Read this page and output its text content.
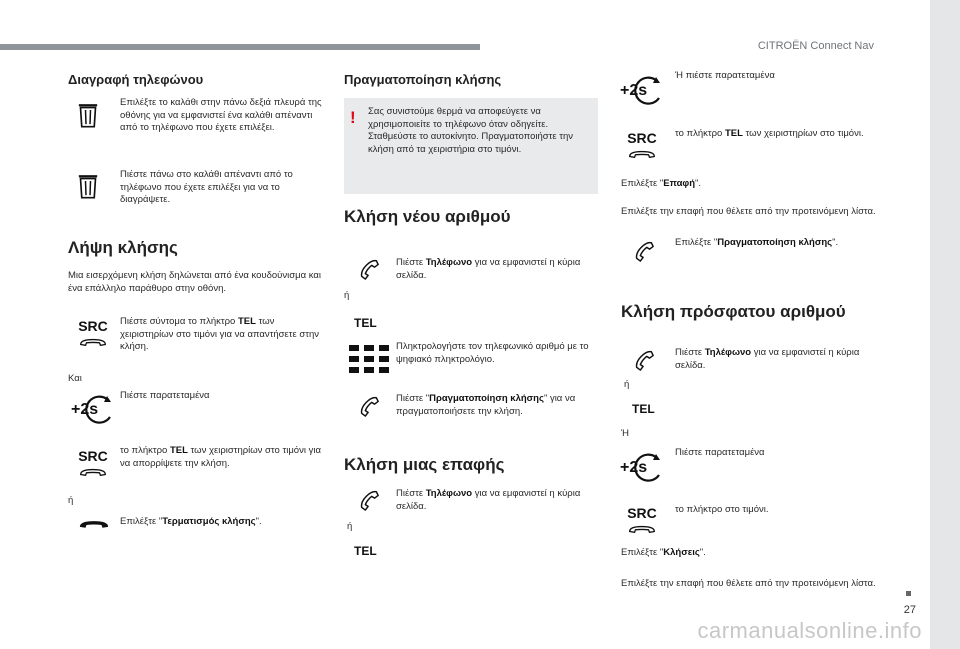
CITROËN Connect Nav
27
carmanualsonline.info
Διαγραφή τηλεφώνου
Επιλέξτε το καλάθι στην πάνω δεξιά πλευρά της οθόνης για να εμφανιστεί ένα καλάθι απέναντι από το τηλέφωνο που έχετε επιλέξει.
Πιέστε πάνω στο καλάθι απέναντι από το τηλέφωνο που έχετε επιλέξει για να το διαγράψετε.
Λήψη κλήσης
Μια εισερχόμενη κλήση δηλώνεται από ένα κουδούνισμα και ένα επάλληλο παράθυρο στην οθόνη.
SRC	Πιέστε σύντομα το πλήκτρο TEL των χειριστηρίων στο τιμόνι για να απαντήσετε στην κλήση.
Και
+2s
Πιέστε παρατεταμένα
SRC	το πλήκτρο TEL των χειριστηρίων στο τιμόνι για να απορρίψετε την κλήση.
ή
Επιλέξτε "Τερματισμός κλήσης".
Πραγματοποίηση κλήσης
! Σας συνιστούμε θερμά να αποφεύγετε να χρησιμοποιείτε το τηλέφωνο όταν οδηγείτε. Σταθμεύστε το αυτοκίνητο. Πραγματοποιήστε την κλήση από τα χειριστήρια στο τιμόνι.
Κλήση νέου αριθμού
Πιέστε Τηλέφωνο για να εμφανιστεί η κύρια σελίδα.
ή
TEL
Πληκτρολογήστε τον τηλεφωνικό αριθμό με το ψηφιακό πληκτρολόγιο.
Πιέστε "Πραγματοποίηση κλήσης" για να πραγματοποιήσετε την κλήση.
Κλήση μιας επαφής
Πιέστε Τηλέφωνο για να εμφανιστεί η κύρια σελίδα.
ή
TEL
+2s
Ή πιέστε παρατεταμένα
SRC	το πλήκτρο TEL των χειριστηρίων στο τιμόνι.
Επιλέξτε "Επαφή".
Επιλέξτε την επαφή που θέλετε από την προτεινόμενη λίστα.
Επιλέξτε "Πραγματοποίηση κλήσης".
Κλήση πρόσφατου αριθμού
Πιέστε Τηλέφωνο για να εμφανιστεί η κύρια σελίδα.
ή
TEL
Ή
+2s
Πιέστε παρατεταμένα
SRC	το πλήκτρο στο τιμόνι.
Επιλέξτε "Κλήσεις".
Επιλέξτε την επαφή που θέλετε από την προτεινόμενη λίστα.
